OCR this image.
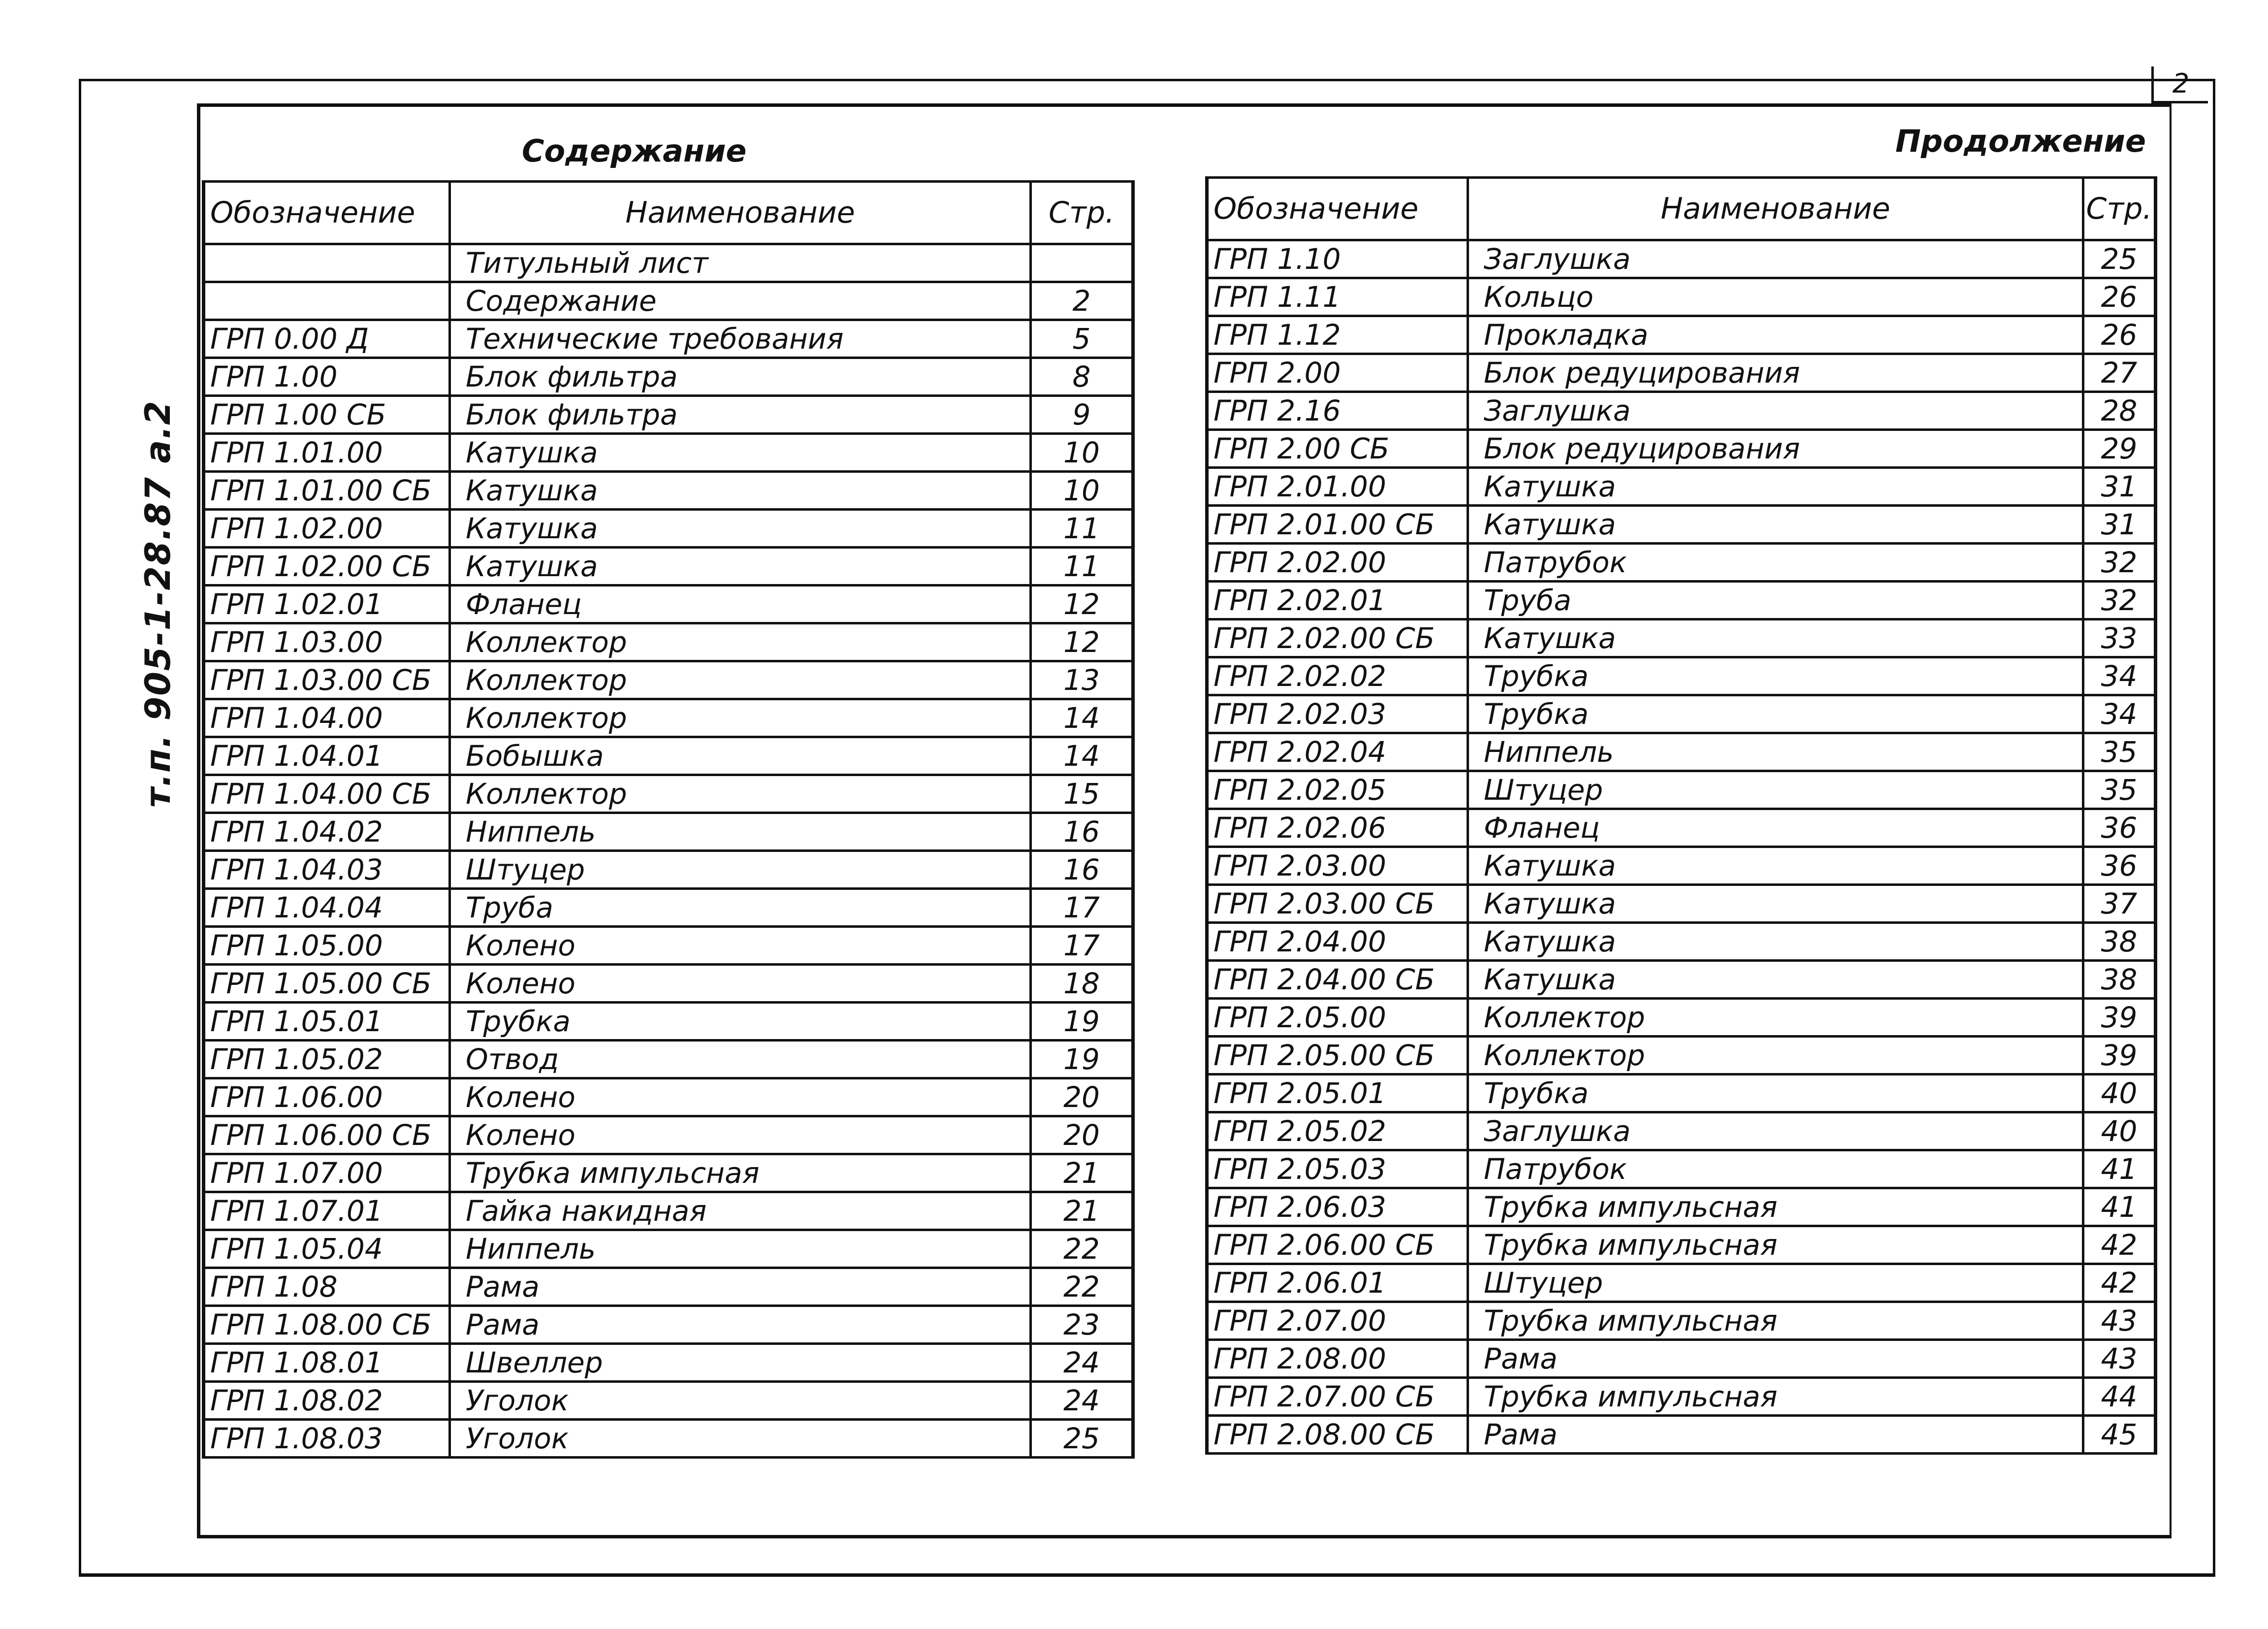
2
т.п. 905-1-28.87 а.2
Содержание	Продолжение
Обозначение	Наименование	Стр.
	Титульный лист	
	Содержание	2
ГРП 0.00 Д	Технические требования	5
ГРП 1.00	Блок фильтра	8
ГРП 1.00 СБ	Блок фильтра	9
ГРП 1.01.00	Катушка	10
ГРП 1.01.00 СБ	Катушка	10
ГРП 1.02.00	Катушка	11
ГРП 1.02.00 СБ	Катушка	11
ГРП 1.02.01	Фланец	12
ГРП 1.03.00	Коллектор	12
ГРП 1.03.00 СБ	Коллектор	13
ГРП 1.04.00	Коллектор	14
ГРП 1.04.01	Бобышка	14
ГРП 1.04.00 СБ	Коллектор	15
ГРП 1.04.02	Ниппель	16
ГРП 1.04.03	Штуцер	16
ГРП 1.04.04	Труба	17
ГРП 1.05.00	Колено	17
ГРП 1.05.00 СБ	Колено	18
ГРП 1.05.01	Трубка	19
ГРП 1.05.02	Отвод	19
ГРП 1.06.00	Колено	20
ГРП 1.06.00 СБ	Колено	20
ГРП 1.07.00	Трубка импульсная	21
ГРП 1.07.01	Гайка накидная	21
ГРП 1.05.04	Ниппель	22
ГРП 1.08	Рама	22
ГРП 1.08.00 СБ	Рама	23
ГРП 1.08.01	Швеллер	24
ГРП 1.08.02	Уголок	24
ГРП 1.08.03	Уголок	25
Обозначение	Наименование	Стр.
ГРП 1.10	Заглушка	25
ГРП 1.11	Кольцо	26
ГРП 1.12	Прокладка	26
ГРП 2.00	Блок редуцирования	27
ГРП 2.16	Заглушка	28
ГРП 2.00 СБ	Блок редуцирования	29
ГРП 2.01.00	Катушка	31
ГРП 2.01.00 СБ	Катушка	31
ГРП 2.02.00	Патрубок	32
ГРП 2.02.01	Труба	32
ГРП 2.02.00 СБ	Катушка	33
ГРП 2.02.02	Трубка	34
ГРП 2.02.03	Трубка	34
ГРП 2.02.04	Ниппель	35
ГРП 2.02.05	Штуцер	35
ГРП 2.02.06	Фланец	36
ГРП 2.03.00	Катушка	36
ГРП 2.03.00 СБ	Катушка	37
ГРП 2.04.00	Катушка	38
ГРП 2.04.00 СБ	Катушка	38
ГРП 2.05.00	Коллектор	39
ГРП 2.05.00 СБ	Коллектор	39
ГРП 2.05.01	Трубка	40
ГРП 2.05.02	Заглушка	40
ГРП 2.05.03	Патрубок	41
ГРП 2.06.03	Трубка импульсная	41
ГРП 2.06.00 СБ	Трубка импульсная	42
ГРП 2.06.01	Штуцер	42
ГРП 2.07.00	Трубка импульсная	43
ГРП 2.08.00	Рама	43
ГРП 2.07.00 СБ	Трубка импульсная	44
ГРП 2.08.00 СБ	Рама	45
